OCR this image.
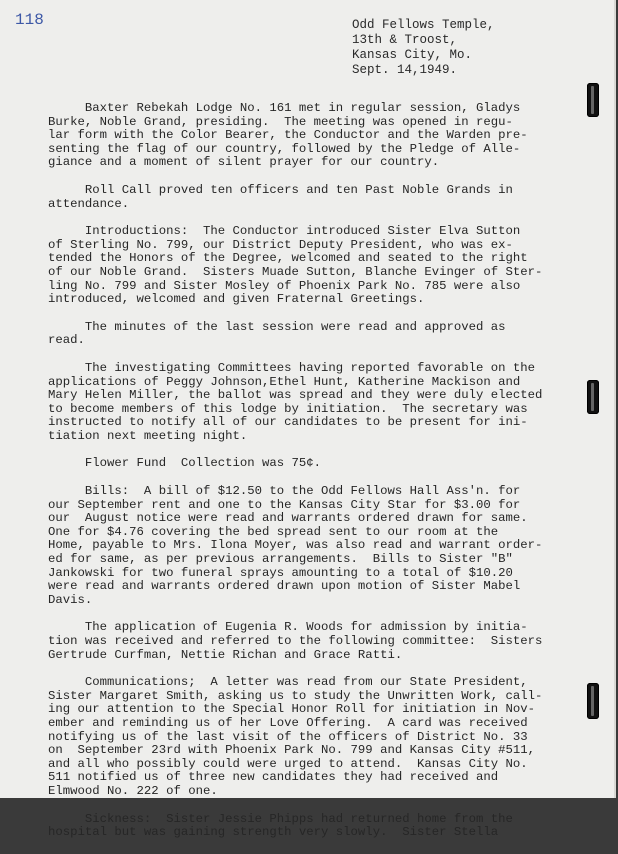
118	Odd Fellows Temple,
13th & Troost,
Kansas City, Mo.
Sept. 14,1949.
Baxter Rebekah Lodge No. 161 met in regular session, Gladys
Burke, Noble Grand, presiding.  The meeting was opened in regu-
lar form with the Color Bearer, the Conductor and the Warden pre-
senting the flag of our country, followed by the Pledge of Alle-
giance and a moment of silent prayer for our country.
Roll Call proved ten officers and ten Past Noble Grands in
attendance.
Introductions:  The Conductor introduced Sister Elva Sutton
of Sterling No. 799, our District Deputy President, who was ex-
tended the Honors of the Degree, welcomed and seated to the right
of our Noble Grand.  Sisters Muade Sutton, Blanche Evinger of Ster-
ling No. 799 and Sister Mosley of Phoenix Park No. 785 were also
introduced, welcomed and given Fraternal Greetings.
The minutes of the last session were read and approved as
read.
The investigating Committees having reported favorable on the
applications of Peggy Johnson,Ethel Hunt, Katherine Mackison and
Mary Helen Miller, the ballot was spread and they were duly elected
to become members of this lodge by initiation.  The secretary was
instructed to notify all of our candidates to be present for ini-
tiation next meeting night.
Flower Fund  Collection was 75¢.
Bills:  A bill of $12.50 to the Odd Fellows Hall Ass'n. for
our September rent and one to the Kansas City Star for $3.00 for
our  August notice were read and warrants ordered drawn for same.
One for $4.76 covering the bed spread sent to our room at the
Home, payable to Mrs. Ilona Moyer, was also read and warrant order-
ed for same, as per previous arrangements.  Bills to Sister "B"
Jankowski for two funeral sprays amounting to a total of $10.20
were read and warrants ordered drawn upon motion of Sister Mabel
Davis.
The application of Eugenia R. Woods for admission by initia-
tion was received and referred to the following committee:  Sisters
Gertrude Curfman, Nettie Richan and Grace Ratti.
Communications;  A letter was read from our State President,
Sister Margaret Smith, asking us to study the Unwritten Work, call-
ing our attention to the Special Honor Roll for initiation in Nov-
ember and reminding us of her Love Offering.  A card was received
notifying us of the last visit of the officers of District No. 33
on  September 23rd with Phoenix Park No. 799 and Kansas City #511,
and all who possibly could were urged to attend.  Kansas City No.
511 notified us of three new candidates they had received and
Elmwood No. 222 of one.
Sickness:  Sister Jessie Phipps had returned home from the
hospital but was gaining strength very slowly.  Sister Stella
